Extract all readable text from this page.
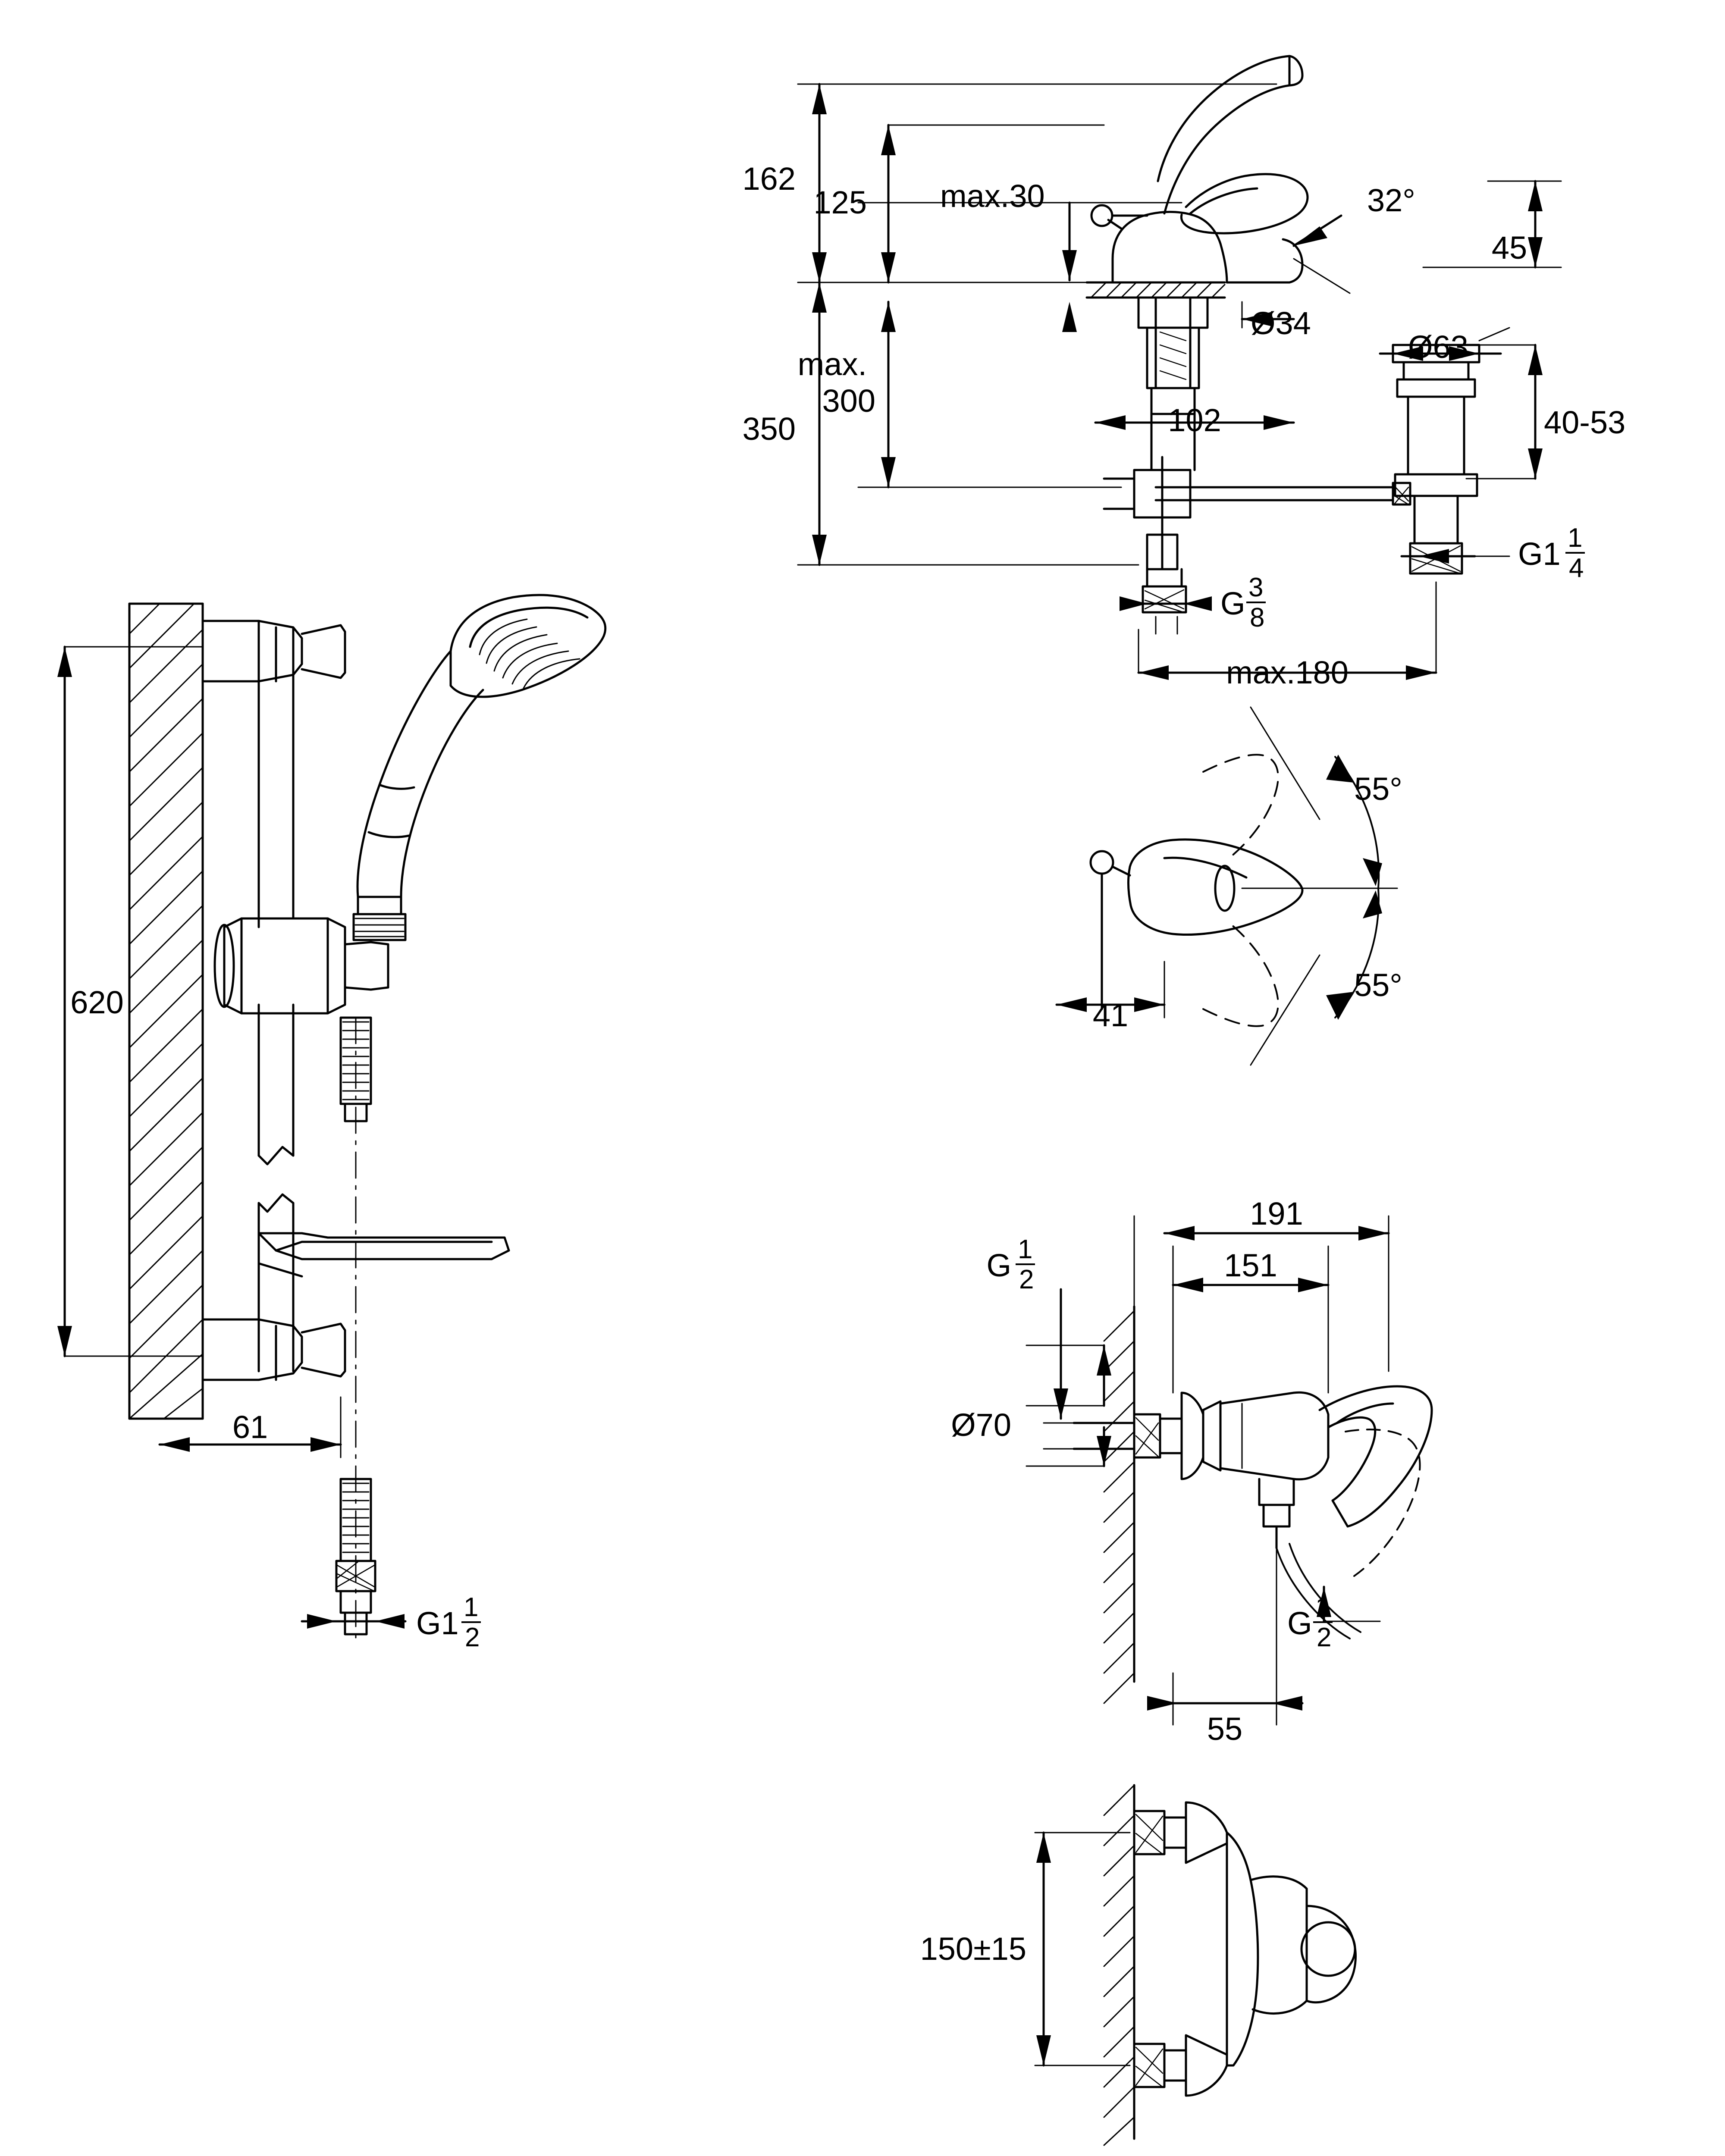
620
61
G1 1
2
162
125 max.30	32°
45
Ø34
Ø63
max.
300
350	102	40-53
G1 1
4
G 3
8
max.180
55°
55°
41
191
151
G 1
2
Ø70
G 1
2
55
150±15
